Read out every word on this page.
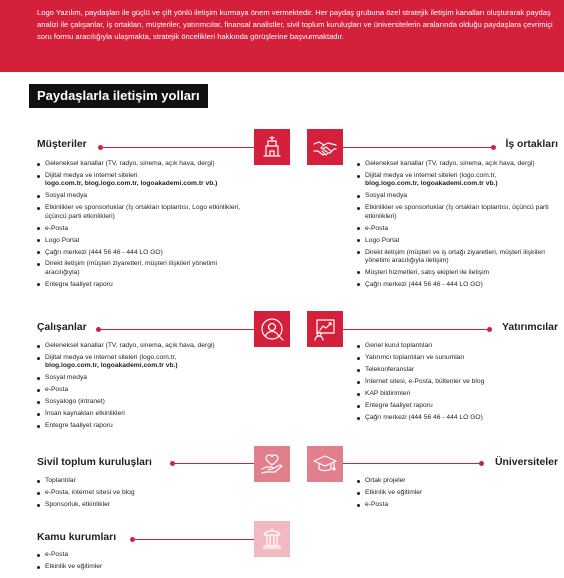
Logo Yazılım, paydaşları ile güçlü ve çift yönlü iletişim kurmaya önem vermektedir. Her paydaş grubuna özel stratejik iletişim kanalları oluşturarak paydaş analizi ile çalışanlar, iş ortakları, müşteriler, yatırımcılar, finansal analistler, sivil toplum kuruluşları ve üniversitelerin aralarında olduğu paydaşlara çevrimiçi soru formu aracılığıyla ulaşmakta, stratejik öncelikleri hakkında görüşlerine başvurmaktadır.
Paydaşlarla iletişim yolları
Müşteriler	İş ortakları
Geleneksel kanallar (TV, radyo, sinema, açık hava, dergi)
Dijital medya ve internet siteleri
logo.com.tr, blog.logo.com.tr, logoakademi.com.tr vb.)
Sosyal medya
Etkinlikler ve sponsorluklar (İş ortakları toplantısı, Logo etkinlikleri, üçüncü parti etkinlikleri)
e-Posta
Logo Portal
Çağrı merkezi (444 56 46 - 444 LO GO)
Direkt iletişim (müşteri ziyaretleri, müşteri ilişkileri yönetimi aracılığıyla)
Entegre faaliyet raporu
Geleneksel kanallar (TV, radyo, sinema, açık hava, dergi)
Dijital medya ve internet siteleri (logo.com.tr,
blog.logo.com.tr, logoakademi.com.tr vb.)
Sosyal medya
Etkinlikler ve sponsorluklar (İş ortakları toplantısı, üçüncü parti etkinlikleri)
e-Posta
Logo Portal
Direkt iletişim (müşteri ve iş ortağı ziyaretleri, müşteri ilişkileri yönetimi aracılığıyla iletişim)
Müşteri hizmetleri, satış ekipleri ile iletişim
Çağrı merkezi (444 56 46 - 444 LO GO)
Çalışanlar	Yatırımcılar
Geleneksel kanallar (TV, radyo, sinema, açık hava, dergi)
Dijital medya ve internet siteleri (logo.com.tr,
blog.logo.com.tr, logoakademi.com.tr vb.)
Sosyal medya
e-Posta
Sosyalogo (intranet)
İnsan kaynakları etkinlikleri
Entegre faaliyet raporu
Genel kurul toplantıları
Yatırımcı toplantıları ve sunumları
Telekonferanslar
İnternet sitesi, e-Posta, bültenler ve blog
KAP bildirimleri
Entegre faaliyet raporu
Çağrı merkezi (444 56 46 - 444 LO GO)
Sivil toplum kuruluşları	Üniversiteler
Toplantılar
e-Posta, internet sitesi ve blog
Sponsorluk, etkinlikler
Ortak projeler
Etkinlik ve eğitimler
e-Posta
Kamu kurumları
e-Posta
Etkinlik ve eğitimler
